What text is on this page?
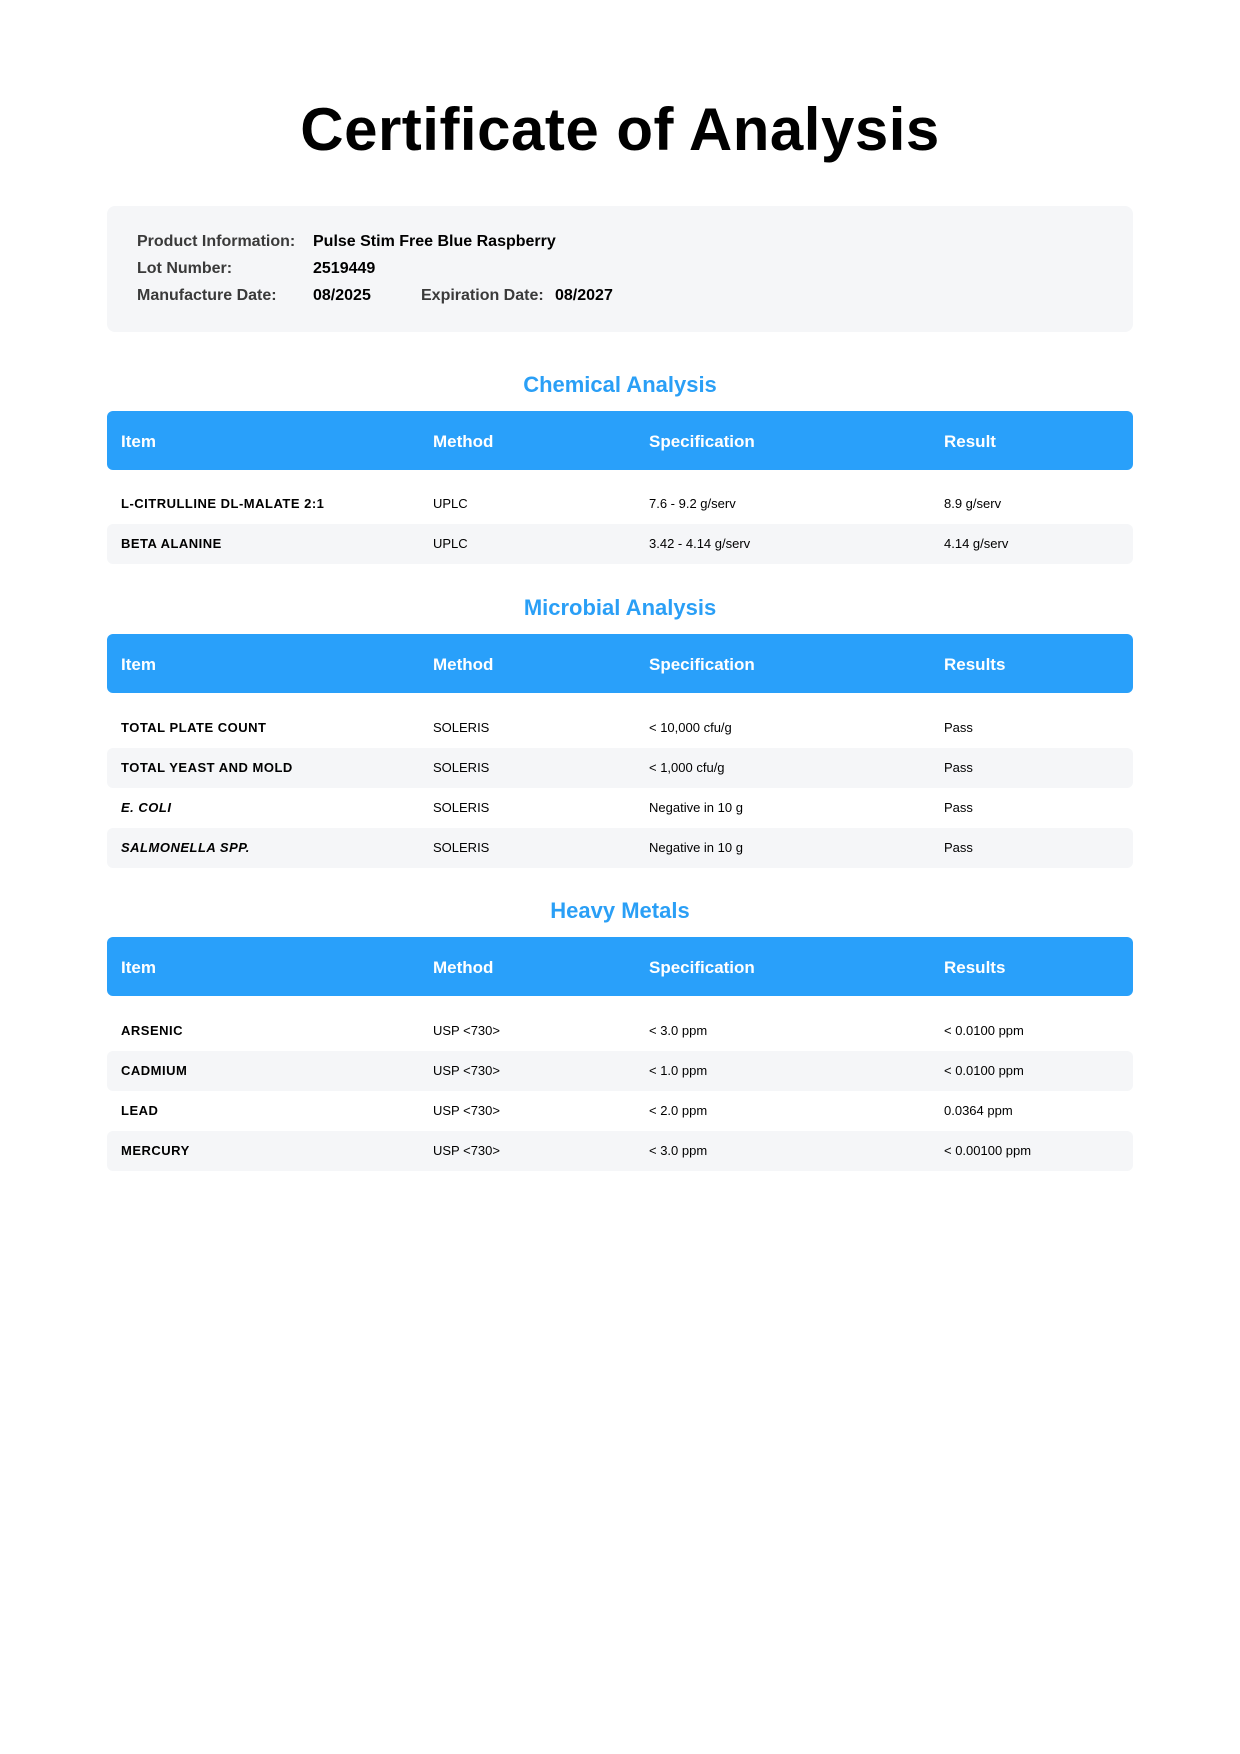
Certificate of Analysis
Product Information: Pulse Stim Free Blue Raspberry
Lot Number:	2519449
Manufacture Date: 08/2025	Expiration Date: 08/2027
Chemical Analysis
Item	Method	Specification	Result
L-CITRULLINE DL-MALATE 2:1	UPLC	7.6 - 9.2 g/serv	8.9 g/serv
BETA ALANINE	UPLC	3.42 - 4.14 g/serv	4.14 g/serv
Microbial Analysis
Item	Method	Specification	Results
TOTAL PLATE COUNT	SOLERIS	< 10,000 cfu/g	Pass
TOTAL YEAST AND MOLD	SOLERIS	< 1,000 cfu/g	Pass
E. COLI	SOLERIS	Negative in 10 g	Pass
SALMONELLA SPP.	SOLERIS	Negative in 10 g	Pass
Heavy Metals
Item	Method	Specification	Results
ARSENIC	USP <730>	< 3.0 ppm	< 0.0100 ppm
CADMIUM	USP <730>	< 1.0 ppm	< 0.0100 ppm
LEAD	USP <730>	< 2.0 ppm	0.0364 ppm
MERCURY	USP <730>	< 3.0 ppm	< 0.00100 ppm
